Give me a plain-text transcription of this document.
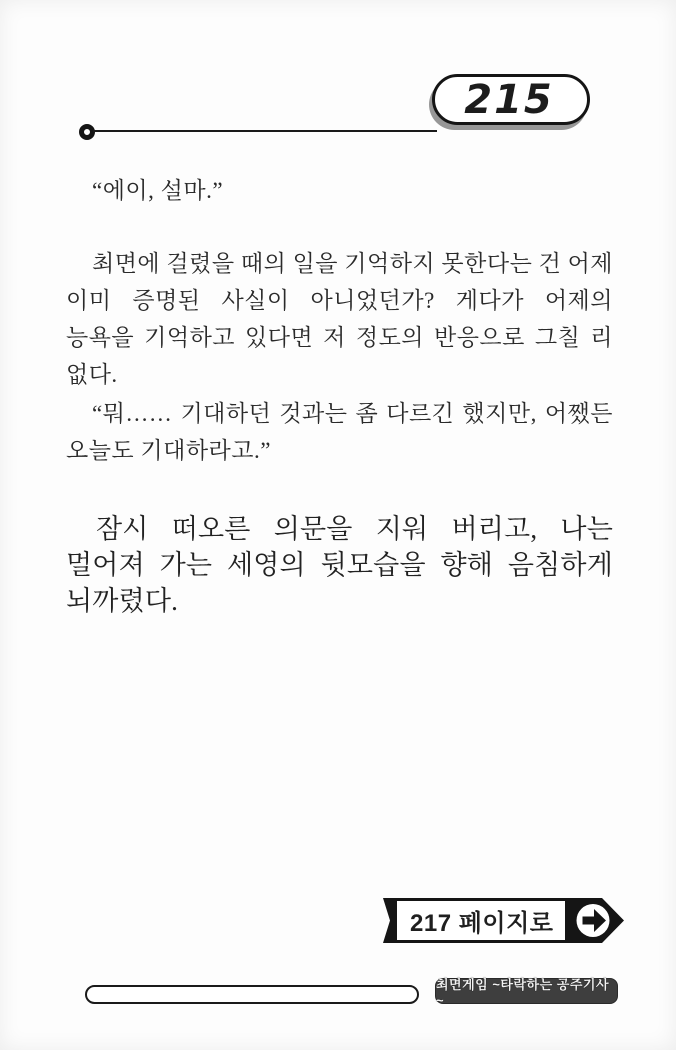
215

“에이, 설마.”

최면에 걸렸을 때의 일을 기억하지 못한다는 건 어제 이미 증명된 사실이 아니었던가? 게다가 어제의 능욕을 기억하고 있다면 저 정도의 반응으로 그칠 리 없다.

“뭐…… 기대하던 것과는 좀 다르긴 했지만, 어쨌든 오늘도 기대하라고.”

잠시 떠오른 의문을 지워 버리고, 나는 멀어져 가는 세영의 뒷모습을 향해 음침하게 뇌까렸다.

217 페이지로
최면게임 ~타락하는 공주기사~
